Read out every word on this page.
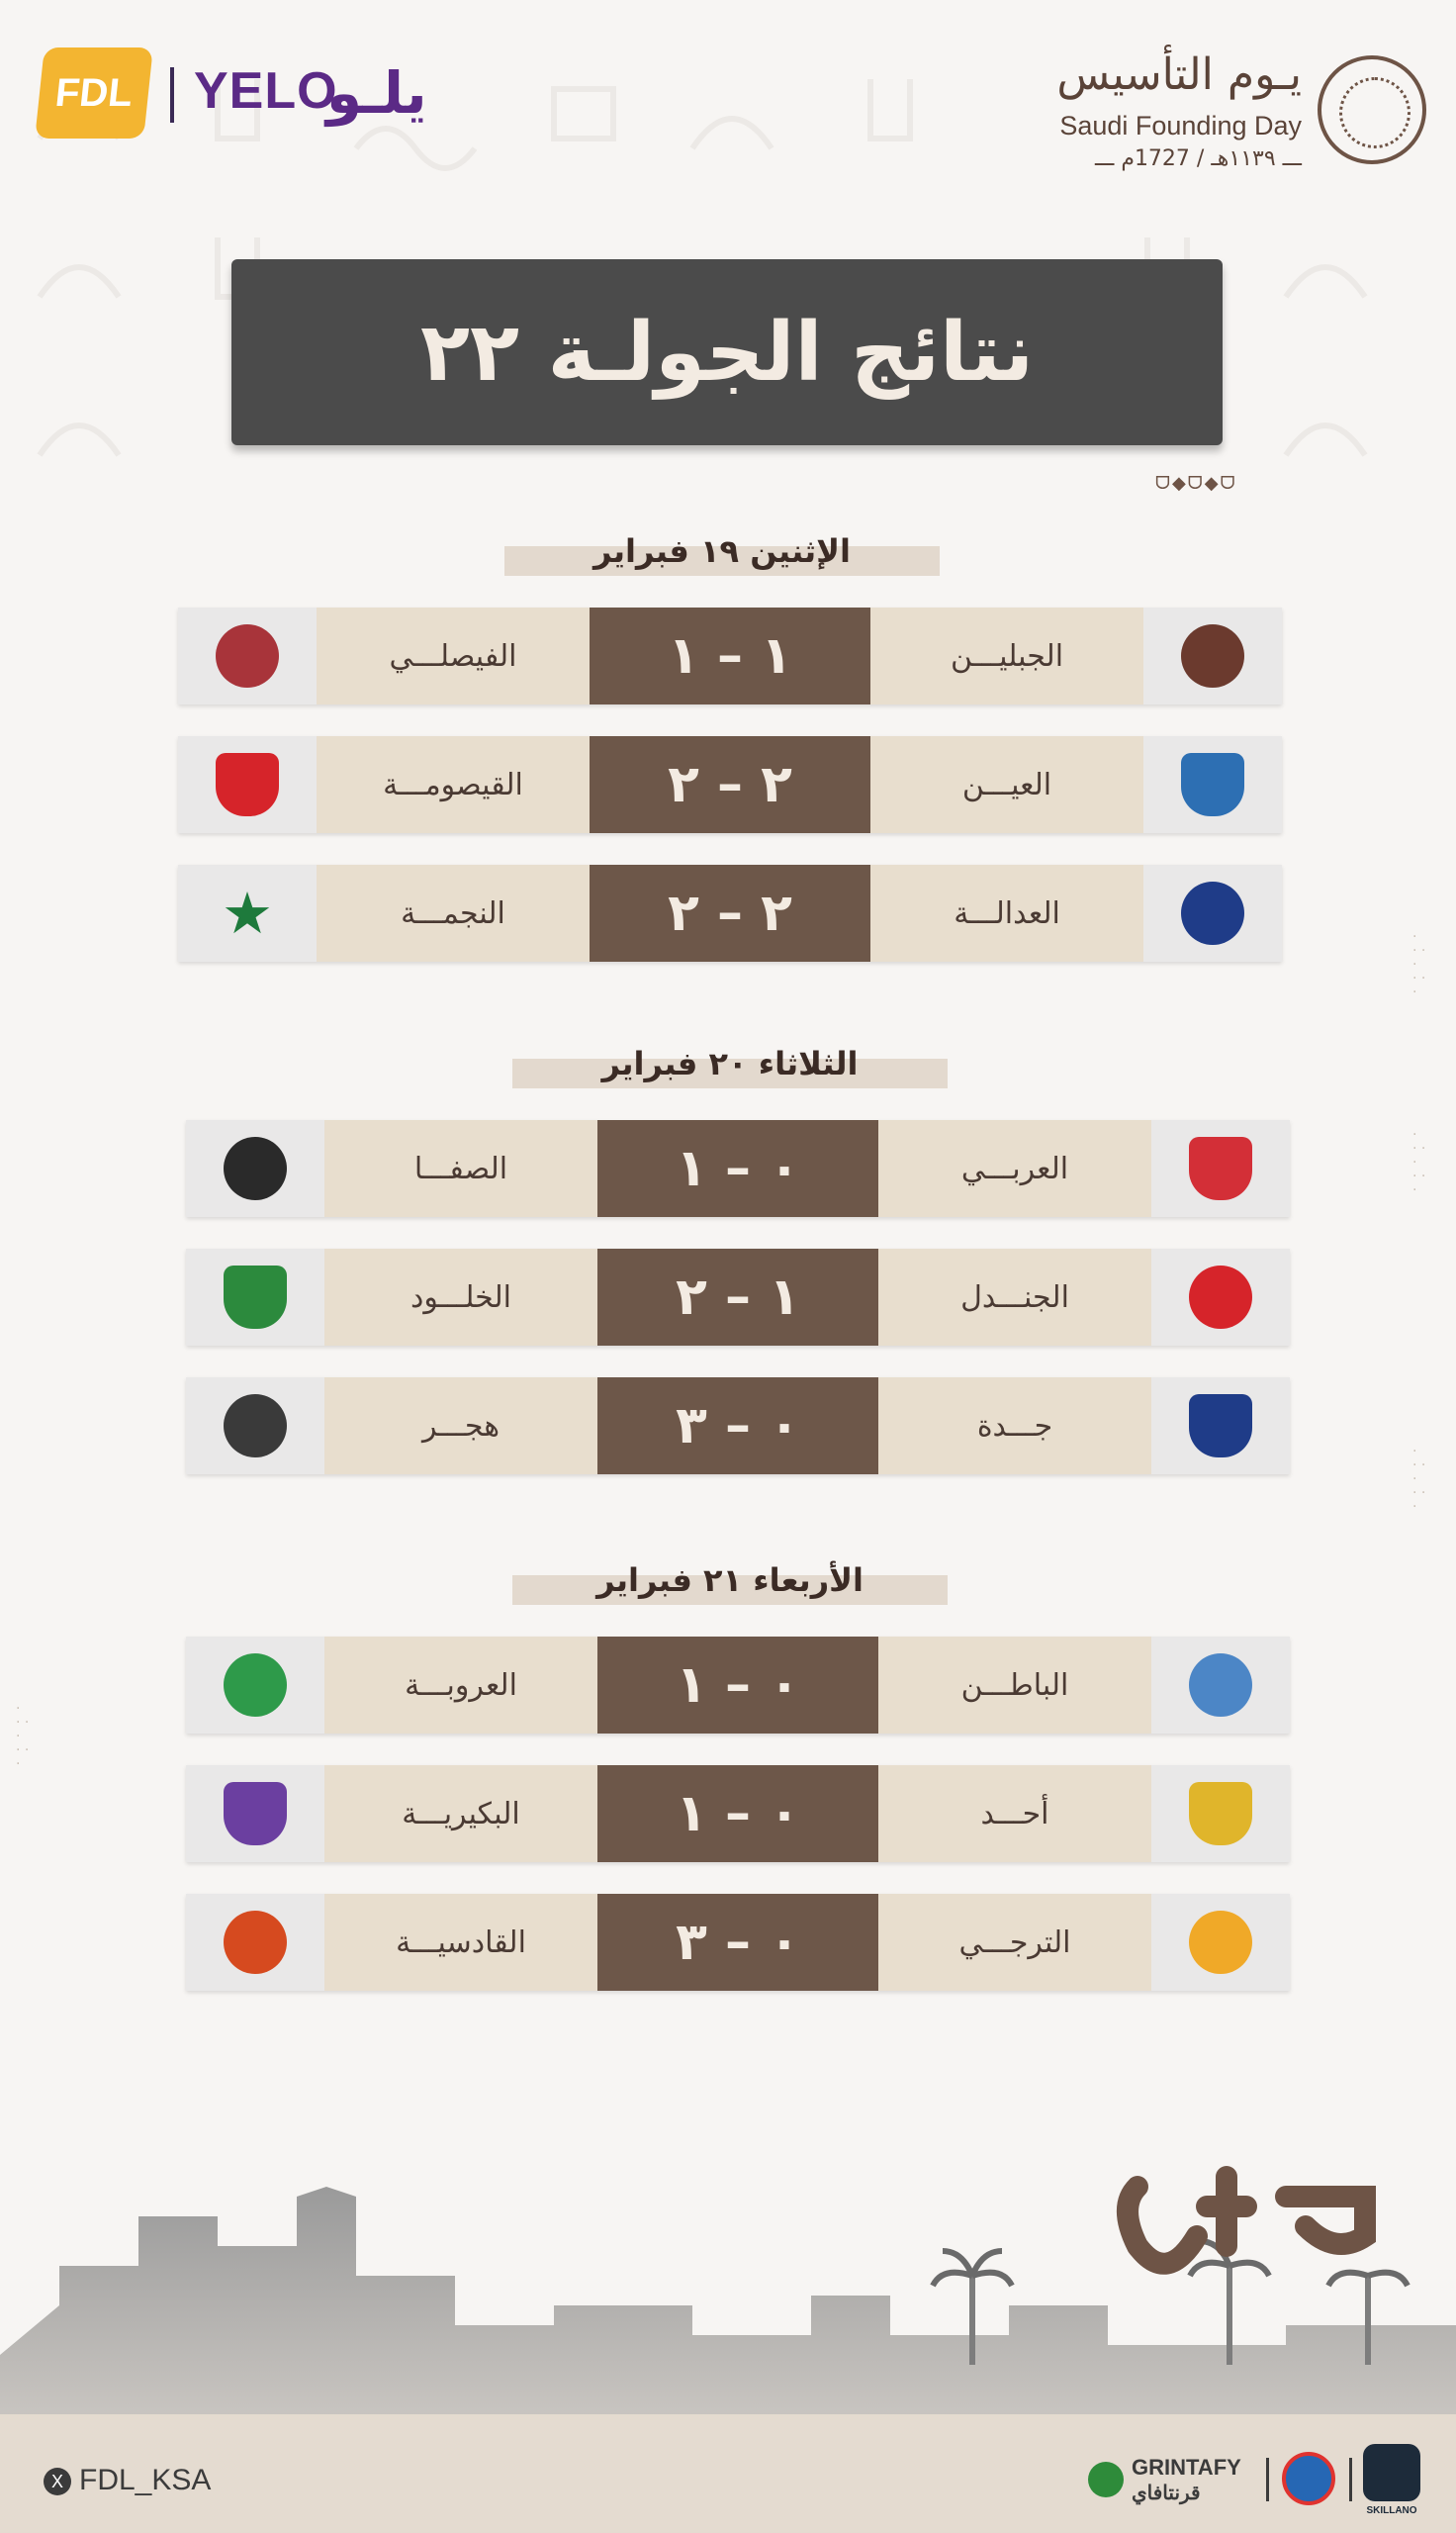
FDL	YELO
يلـو	يـوم التأسيس
Saudi Founding Day
ـــ ١١٣٩هـ / 1727م ـــ
نتائج الجولـة ٢٢
ᗜ◆ᗜ◆ᗜ
·
· ·
·
· ·
·
·
· ·
·
· ·
·
·
· ·
·
· ·
·
·
· ·
·
· ·
·
الإثنين ١٩ فبراير
الفيصلـــي	١ – ١	الجبليـــن
القيصومـــة	٢ – ٢	العيـــن
★	النجمـــة	٢ – ٢	العدالـــة
الثلاثاء ٢٠ فبراير
الصفـــا	٠ – ١	العربـــي
الخلـــود	١ – ٢	الجنـــدل
هجـــر	٠ – ٣	جـــدة
الأربعاء ٢١ فبراير
العروبـــة	٠ – ١	الباطـــن
البكيريـــة	٠ – ١	أحـــد
القادسيـــة	٠ – ٣	الترجـــي
X FDL_KSA	GRINTAFY
قرنتافاي
SKILLANO
